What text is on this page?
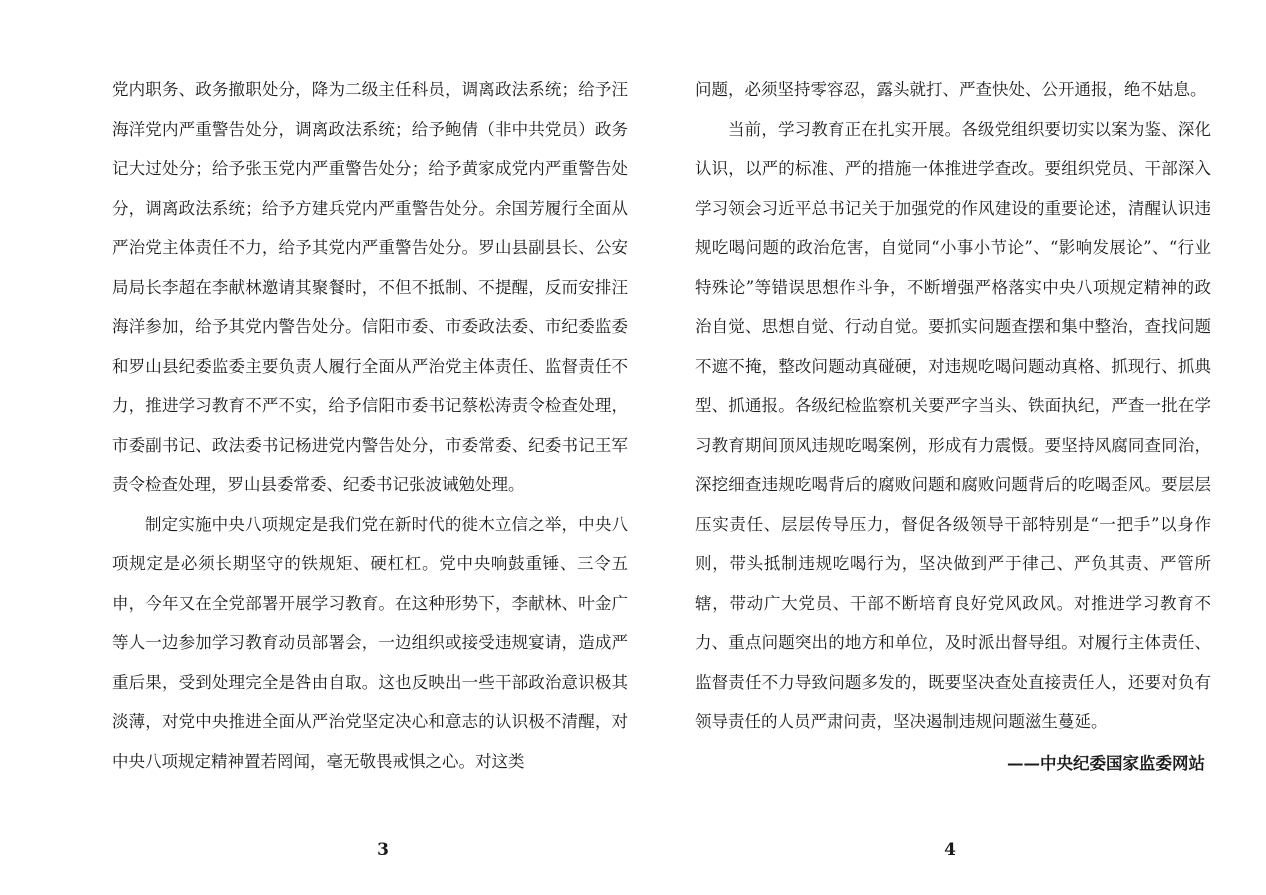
党内职务、政务撤职处分，降为二级主任科员，调离政法系统；给予汪海洋党内严重警告处分，调离政法系统；给予鲍倩（非中共党员）政务记大过处分；给予张玉党内严重警告处分；给予黄家成党内严重警告处分，调离政法系统；给予方建兵党内严重警告处分。余国芳履行全面从严治党主体责任不力，给予其党内严重警告处分。罗山县副县长、公安局局长李超在李献林邀请其聚餐时，不但不抵制、不提醒，反而安排汪海洋参加，给予其党内警告处分。信阳市委、市委政法委、市纪委监委和罗山县纪委监委主要负责人履行全面从严治党主体责任、监督责任不力，推进学习教育不严不实，给予信阳市委书记蔡松涛责令检查处理，市委副书记、政法委书记杨进党内警告处分，市委常委、纪委书记王军责令检查处理，罗山县委常委、纪委书记张波诫勉处理。

制定实施中央八项规定是我们党在新时代的徙木立信之举，中央八项规定是必须长期坚守的铁规矩、硬杠杠。党中央响鼓重锤、三令五申，今年又在全党部署开展学习教育。在这种形势下，李献林、叶金广等人一边参加学习教育动员部署会，一边组织或接受违规宴请，造成严重后果，受到处理完全是咎由自取。这也反映出一些干部政治意识极其淡薄，对党中央推进全面从严治党坚定决心和意志的认识极不清醒，对中央八项规定精神置若罔闻，毫无敬畏戒惧之心。对这类

3

问题，必须坚持零容忍，露头就打、严查快处、公开通报，绝不姑息。

当前，学习教育正在扎实开展。各级党组织要切实以案为鉴、深化认识，以严的标准、严的措施一体推进学查改。要组织党员、干部深入学习领会习近平总书记关于加强党的作风建设的重要论述，清醒认识违规吃喝问题的政治危害，自觉同“小事小节论”、“影响发展论”、“行业特殊论”等错误思想作斗争，不断增强严格落实中央八项规定精神的政治自觉、思想自觉、行动自觉。要抓实问题查摆和集中整治，查找问题不遮不掩，整改问题动真碰硬，对违规吃喝问题动真格、抓现行、抓典型、抓通报。各级纪检监察机关要严字当头、铁面执纪，严查一批在学习教育期间顶风违规吃喝案例，形成有力震慑。要坚持风腐同查同治，深挖细查违规吃喝背后的腐败问题和腐败问题背后的吃喝歪风。要层层压实责任、层层传导压力，督促各级领导干部特别是“一把手”以身作则，带头抵制违规吃喝行为，坚决做到严于律己、严负其责、严管所辖，带动广大党员、干部不断培育良好党风政风。对推进学习教育不力、重点问题突出的地方和单位，及时派出督导组。对履行主体责任、监督责任不力导致问题多发的，既要坚决查处直接责任人，还要对负有领导责任的人员严肃问责，坚决遏制违规问题滋生蔓延。

——中央纪委国家监委网站

4
